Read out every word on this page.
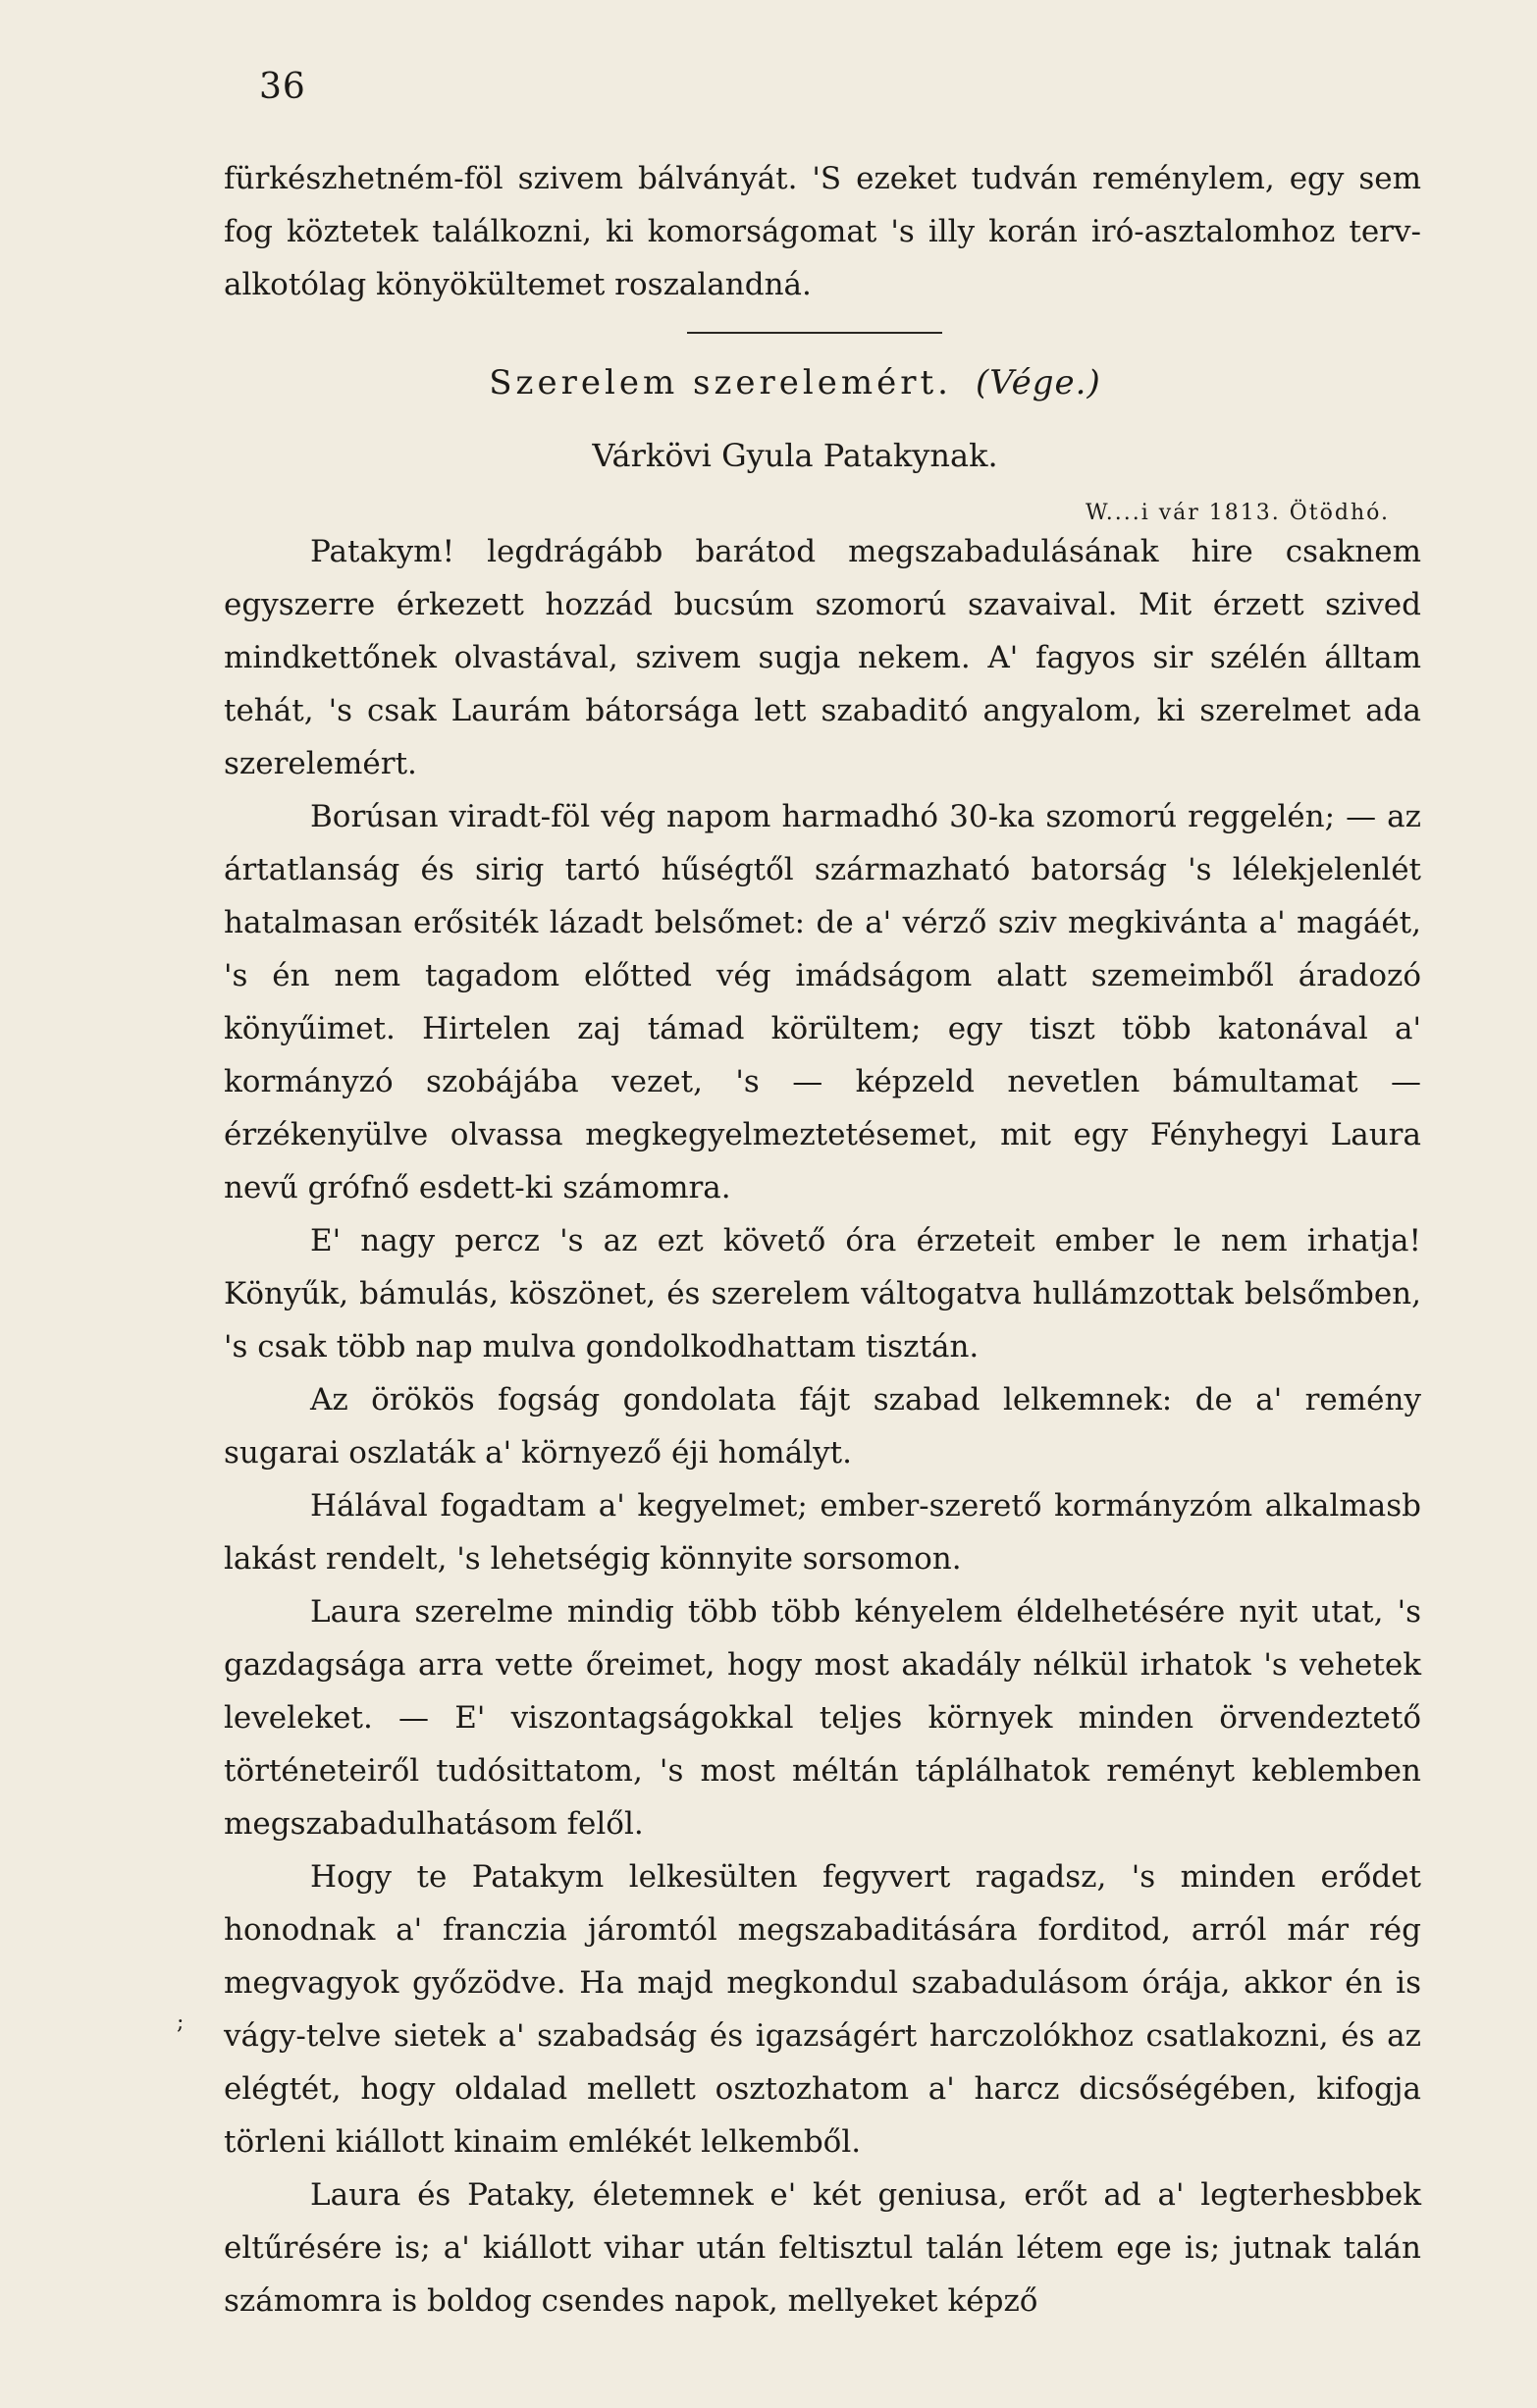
36

fürkészhetném-föl szivem bálványát. 'S ezeket tudván reménylem, egy sem fog köztetek találkozni, ki komorságomat 's illy korán iró-asztalomhoz terv-alkotólag könyökültemet roszalandná.

Szerelem szerelemért. (Vége.)
Várkövi Gyula Patakynak.
W....i vár 1813. Ötödhó.

Patakym! legdrágább barátod megszabadulásának hire csaknem egyszerre érkezett hozzád bucsúm szomorú szavaival. Mit érzett szived mindkettőnek olvastával, szivem sugja nekem. A' fagyos sir szélén álltam tehát, 's csak Laurám bátorsága lett szabaditó angyalom, ki szerelmet ada szerelemért.

Borúsan viradt-föl vég napom harmadhó 30-ka szomorú reggelén; — az ártatlanság és sirig tartó hűségtől származható batorság 's lélekjelenlét hatalmasan erősiték lázadt belsőmet: de a' vérző sziv megkivánta a' magáét, 's én nem tagadom előtted vég imádságom alatt szemeimből áradozó könyűimet. Hirtelen zaj támad körültem; egy tiszt több katonával a' kormányzó szobájába vezet, 's — képzeld nevetlen bámultamat — érzékenyülve olvassa megkegyelmeztetésemet, mit egy Fényhegyi Laura nevű grófnő esdett-ki számomra.

E' nagy percz 's az ezt követő óra érzeteit ember le nem irhatja! Könyűk, bámulás, köszönet, és szerelem váltogatva hullámzottak belsőmben, 's csak több nap mulva gondolkodhattam tisztán.

Az örökös fogság gondolata fájt szabad lelkemnek: de a' remény sugarai oszlaták a' környező éji homályt.

Hálával fogadtam a' kegyelmet; ember-szerető kormányzóm alkalmasb lakást rendelt, 's lehetségig könnyite sorsomon.

Laura szerelme mindig több több kényelem éldelhetésére nyit utat, 's gazdagsága arra vette őreimet, hogy most akadály nélkül irhatok 's vehetek leveleket. — E' viszontagságokkal teljes környek minden örvendeztető történeteiről tudósittatom, 's most méltán táplálhatok reményt keblemben megszabadulhatásom felől.

Hogy te Patakym lelkesülten fegyvert ragadsz, 's minden erődet honodnak a' franczia járomtól megszabaditására forditod, arról már rég megvagyok győzödve. Ha majd megkondul szabadulásom órája, akkor én is vágy-telve sietek a' szabadság és igazságért harczolókhoz csatlakozni, és az elégtét, hogy oldalad mellett osztozhatom a' harcz dicsőségében, kifogja törleni kiállott kinaim emlékét lelkemből.

Laura és Pataky, életemnek e' két geniusa, erőt ad a' legterhesbbek eltűrésére is; a' kiállott vihar után feltisztul talán létem ege is; jutnak talán számomra is boldog csendes napok, mellyeket képző

;
